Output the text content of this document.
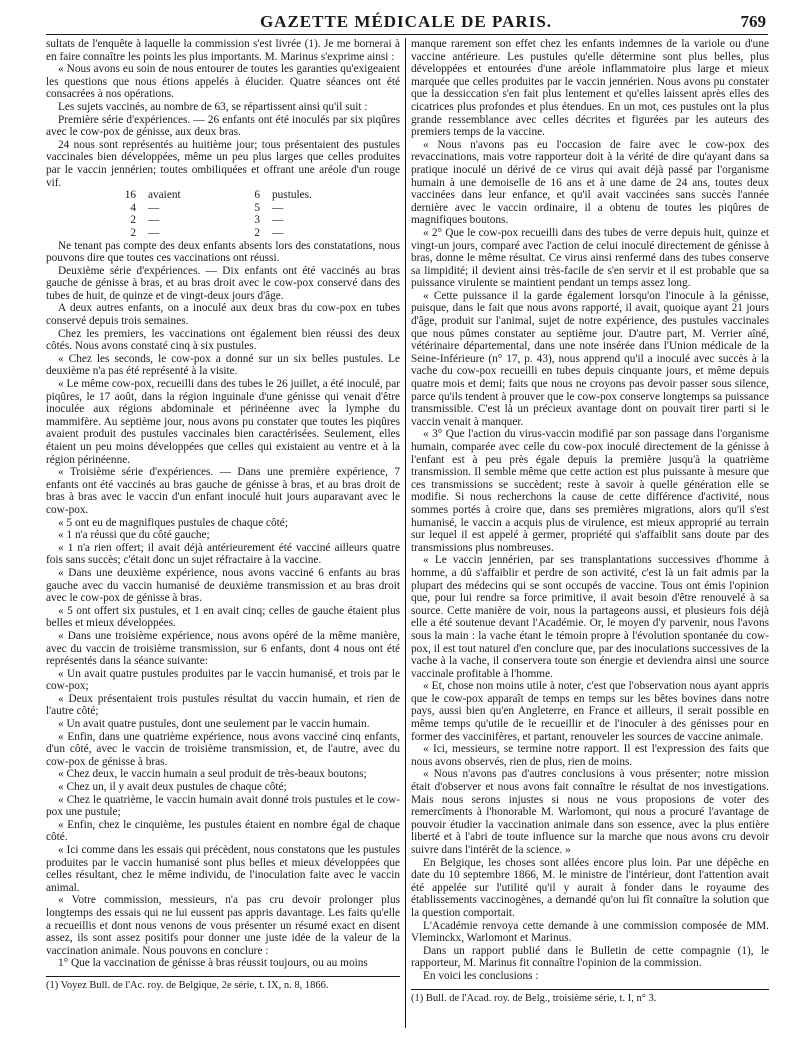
GAZETTE MÉDICALE DE PARIS.	769

sultats de l'enquête à laquelle la commission s'est livrée (1). Je me bornerai à en faire connaître les points les plus importants. M. Marinus s'exprime ainsi :

« Nous avons eu soin de nous entourer de toutes les garanties qu'exigeaient les questions que nous étions appelés à élucider. Quatre séances ont été consacrées à nos opérations.

Les sujets vaccinés, au nombre de 63, se répartissent ainsi qu'il suit :

Première série d'expériences. — 26 enfants ont été inoculés par six piqûres avec le cow-pox de génisse, aux deux bras.

24 nous sont représentés au huitième jour; tous présentaient des pustules vaccinales bien développées, même un peu plus larges que celles produites par le vaccin jennérien; toutes ombiliquées et offrant une aréole d'un rouge vif.

16 avaient	6 pustules.
4 —	5 —
2 —	3 —
2 —	2 —

Ne tenant pas compte des deux enfants absents lors des constatations, nous pouvons dire que toutes ces vaccinations ont réussi.

Deuxième série d'expériences. — Dix enfants ont été vaccinés au bras gauche de génisse à bras, et au bras droit avec le cow-pox conservé dans des tubes de huit, de quinze et de vingt-deux jours d'âge.

A deux autres enfants, on a inoculé aux deux bras du cow-pox en tubes conservé depuis trois semaines.

Chez les premiers, les vaccinations ont également bien réussi des deux côtés. Nous avons constaté cinq à six pustules.

« Chez les seconds, le cow-pox a donné sur un six belles pustules. Le deuxième n'a pas été représenté à la visite.

« Le même cow-pox, recueilli dans des tubes le 26 juillet, a été inoculé, par piqûres, le 17 août, dans la région inguinale d'une génisse qui venait d'être inoculée aux régions abdominale et périnéenne avec la lymphe du mammifère. Au septième jour, nous avons pu constater que toutes les piqûres avaient produit des pustules vaccinales bien caractérisées. Seulement, elles étaient un peu moins développées que celles qui existaient au ventre et à la région périnéenne.

« Troisième série d'expériences. — Dans une première expérience, 7 enfants ont été vaccinés au bras gauche de génisse à bras, et au bras droit de bras à bras avec le vaccin d'un enfant inoculé huit jours auparavant avec le cow-pox.

« 5 ont eu de magnifiques pustules de chaque côté;

« 1 n'a réussi que du côté gauche;

« 1 n'a rien offert; il avait déjà antérieurement été vacciné ailleurs quatre fois sans succès; c'était donc un sujet réfractaire à la vaccine.

« Dans une deuxième expérience, nous avons vacciné 6 enfants au bras gauche avec du vaccin humanisé de deuxième transmission et au bras droit avec le cow-pox de génisse à bras.

« 5 ont offert six pustules, et 1 en avait cinq; celles de gauche étaient plus belles et mieux développées.

« Dans une troisième expérience, nous avons opéré de la même manière, avec du vaccin de troisième transmission, sur 6 enfants, dont 4 nous ont été représentés dans la séance suivante:

« Un avait quatre pustules produites par le vaccin humanisé, et trois par le cow-pox;

« Deux présentaient trois pustules résultat du vaccin humain, et rien de l'autre côté;

« Un avait quatre pustules, dont une seulement par le vaccin humain.

« Enfin, dans une quatrième expérience, nous avons vacciné cinq enfants, d'un côté, avec le vaccin de troisième transmission, et, de l'autre, avec du cow-pox de génisse à bras.

« Chez deux, le vaccin humain a seul produit de très-beaux boutons;

« Chez un, il y avait deux pustules de chaque côté;

« Chez le quatrième, le vaccin humain avait donné trois pustules et le cow-pox une pustule;

« Enfin, chez le cinquième, les pustules étaient en nombre égal de chaque côté.

« Ici comme dans les essais qui précèdent, nous constatons que les pustules produites par le vaccin humanisé sont plus belles et mieux développées que celles résultant, chez le même individu, de l'inoculation faite avec le vaccin animal.

« Votre commission, messieurs, n'a pas cru devoir prolonger plus longtemps des essais qui ne lui eussent pas appris davantage. Les faits qu'elle a recueillis et dont nous venons de vous présenter un résumé exact en disent assez, ils sont assez positifs pour donner une juste idée de la valeur de la vaccination animale. Nous pouvons en conclure :

1° Que la vaccination de génisse à bras réussit toujours, ou au moins

(1) Voyez Bull. de l'Ac. roy. de Belgique, 2e série, t. IX, n. 8, 1866.

manque rarement son effet chez les enfants indemnes de la variole ou d'une vaccine antérieure. Les pustules qu'elle détermine sont plus belles, plus développées et entourées d'une aréole inflammatoire plus large et mieux marquée que celles produites par le vaccin jennérien. Nous avons pu constater que la dessiccation s'en fait plus lentement et qu'elles laissent après elles des cicatrices plus profondes et plus étendues. En un mot, ces pustules ont la plus grande ressemblance avec celles décrites et figurées par les auteurs des premiers temps de la vaccine.

« Nous n'avons pas eu l'occasion de faire avec le cow-pox des revaccinations, mais votre rapporteur doit à la vérité de dire qu'ayant dans sa pratique inoculé un dérivé de ce virus qui avait déjà passé par l'organisme humain à une demoiselle de 16 ans et à une dame de 24 ans, toutes deux vaccinées dans leur enfance, et qu'il avait vaccinées sans succès l'année dernière avec le vaccin ordinaire, il a obtenu de toutes les piqûres de magnifiques boutons.

« 2° Que le cow-pox recueilli dans des tubes de verre depuis huit, quinze et vingt-un jours, comparé avec l'action de celui inoculé directement de génisse à bras, donne le même résultat. Ce virus ainsi renfermé dans des tubes conserve sa limpidité; il devient ainsi très-facile de s'en servir et il est probable que sa puissance virulente se maintient pendant un temps assez long.

« Cette puissance il la garde également lorsqu'on l'inocule à la génisse, puisque, dans le fait que nous avons rapporté, il avait, quoique ayant 21 jours d'âge, produit sur l'animal, sujet de notre expérience, des pustules vaccinales que nous pûmes constater au septième jour. D'autre part, M. Verrier aîné, vétérinaire départemental, dans une note insérée dans l'Union médicale de la Seine-Inférieure (n° 17, p. 43), nous apprend qu'il a inoculé avec succès à la vache du cow-pox recueilli en tubes depuis cinquante jours, et même depuis quatre mois et demi; faits que nous ne croyons pas devoir passer sous silence, parce qu'ils tendent à prouver que le cow-pox conserve longtemps sa puissance transmissible. C'est là un précieux avantage dont on pouvait tirer parti si le vaccin venait à manquer.

« 3° Que l'action du virus-vaccin modifié par son passage dans l'organisme humain, comparée avec celle du cow-pox inoculé directement de la génisse à l'enfant est à peu près égale depuis la première jusqu'à la quatrième transmission. Il semble même que cette action est plus puissante à mesure que ces transmissions se succèdent; reste à savoir à quelle génération elle se modifie. Si nous recherchons la cause de cette différence d'activité, nous sommes portés à croire que, dans ses premières migrations, alors qu'il s'est humanisé, le vaccin a acquis plus de virulence, est mieux approprié au terrain sur lequel il est appelé à germer, propriété qui s'affaiblit sans doute par des transmissions plus nombreuses.

« Le vaccin jennérien, par ses transplantations successives d'homme à homme, a dû s'affaiblir et perdre de son activité, c'est là un fait admis par la plupart des médecins qui se sont occupés de vaccine. Tous ont émis l'opinion que, pour lui rendre sa force primitive, il avait besoin d'être renouvelé à sa source. Cette manière de voir, nous la partageons aussi, et plusieurs fois déjà elle a été soutenue devant l'Académie. Or, le moyen d'y parvenir, nous l'avons sous la main : la vache étant le témoin propre à l'évolution spontanée du cow-pox, il est tout naturel d'en conclure que, par des inoculations successives de la vache à la vache, il conservera toute son énergie et deviendra ainsi une source vaccinale profitable à l'homme.

« Et, chose non moins utile à noter, c'est que l'observation nous ayant appris que le cow-pox apparaît de temps en temps sur les bêtes bovines dans notre pays, aussi bien qu'en Angleterre, en France et ailleurs, il serait possible en même temps qu'utile de le recueillir et de l'inoculer à des génisses pour en former des vaccinifères, et partant, renouveler les sources de vaccine animale.

« Ici, messieurs, se termine notre rapport. Il est l'expression des faits que nous avons observés, rien de plus, rien de moins.

« Nous n'avons pas d'autres conclusions à vous présenter; notre mission était d'observer et nous avons fait connaître le résultat de nos investigations. Mais nous serons injustes si nous ne vous proposions de voter des remercîments à l'honorable M. Warlomont, qui nous a procuré l'avantage de pouvoir étudier la vaccination animale dans son essence, avec la plus entière liberté et à l'abri de toute influence sur la marche que nous avons cru devoir suivre dans l'intérêt de la science. »

En Belgique, les choses sont allées encore plus loin. Par une dépêche en date du 10 septembre 1866, M. le ministre de l'intérieur, dont l'attention avait été appelée sur l'utilité qu'il y aurait à fonder dans le royaume des établissements vaccinogènes, a demandé qu'on lui fît connaître la solution que la question comportait.

L'Académie renvoya cette demande à une commission composée de MM. Vleminckx, Warlomont et Marinus.

Dans un rapport publié dans le Bulletin de cette compagnie (1), le rapporteur, M. Marinus fit connaître l'opinion de la commission.

En voici les conclusions :

(1) Bull. de l'Acad. roy. de Belg., troisième série, t. I, n° 3.
